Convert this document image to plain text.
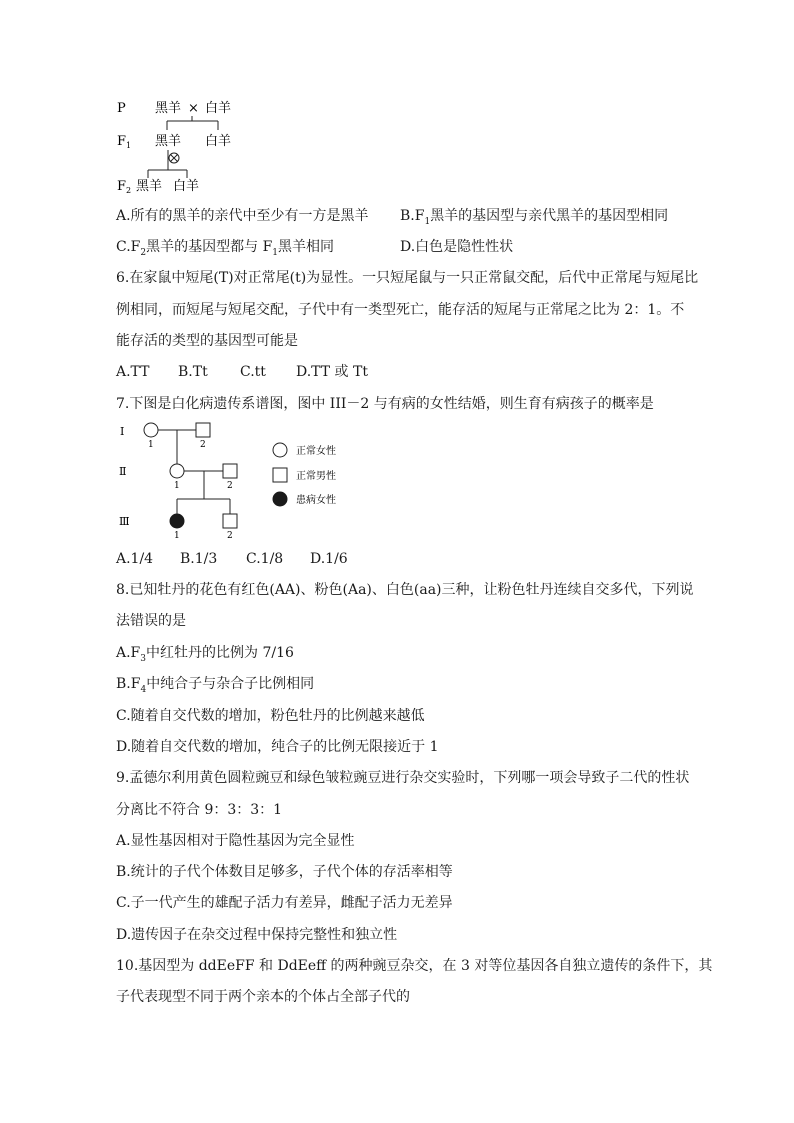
P 黑羊 × 白羊
$F_1$ 黑羊 白羊
$F_2$ 黑羊 白羊
A.所有的黑羊的亲代中至少有一方是黑羊 $B.F_1$黑羊的基因型与亲代黑羊的基因型相同
$C.F_2$黑羊的基因型都与 $F_1$黑羊相同	D.白色是隐性性状
6.在家鼠中短尾(T)对正常尾(t)为显性。一只短尾鼠与一只正常鼠交配，后代中正常尾与短尾比
例相同，而短尾与短尾交配，子代中有一类型死亡，能存活的短尾与正常尾之比为 2：1。不
能存活的类型的基因型可能是
A.TT B.Tt C.tt D.TT 或 Tt
7.下图是白化病遗传系谱图，图中 III－2 与有病的女性结婚，则生育有病孩子的概率是
I
Ⅱ
Ⅲ
1	2
1	2
1	2
正常女性
正常男性
患病女性
A.1/4 B.1/3 C.1/8 D.1/6
8.已知牡丹的花色有红色(AA)、粉色(Aa)、白色(aa)三种，让粉色牡丹连续自交多代，下列说
法错误的是
$A.F_3$中红牡丹的比例为 7/16
$B.F_4$中纯合子与杂合子比例相同
C.随着自交代数的增加，粉色牡丹的比例越来越低
D.随着自交代数的增加，纯合子的比例无限接近于 1
9.孟德尔利用黄色圆粒豌豆和绿色皱粒豌豆进行杂交实验时，下列哪一项会导致子二代的性状
分离比不符合 9：3：3：1
A.显性基因相对于隐性基因为完全显性
B.统计的子代个体数目足够多，子代个体的存活率相等
C.子一代产生的雄配子活力有差异，雌配子活力无差异
D.遗传因子在杂交过程中保持完整性和独立性
10.基因型为 ddEeFF 和 DdEeff 的两种豌豆杂交，在 3 对等位基因各自独立遗传的条件下，其
子代表现型不同于两个亲本的个体占全部子代的
